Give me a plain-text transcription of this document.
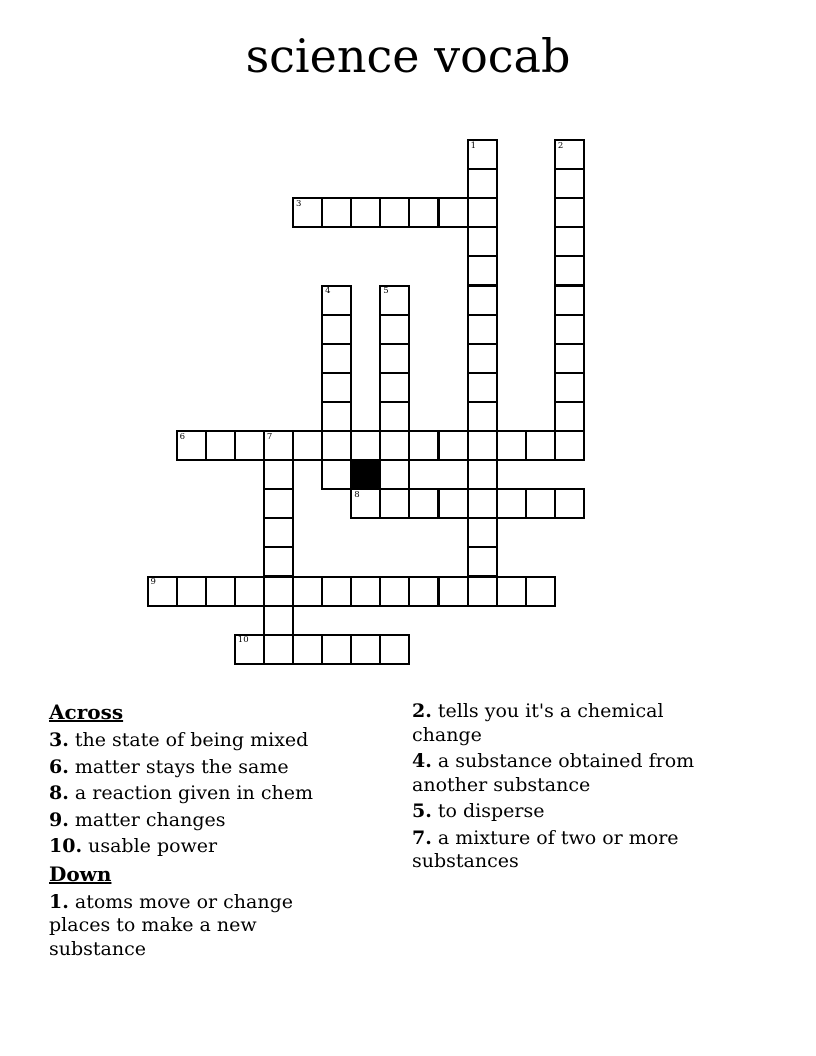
science vocab
1	2
3
4	5
6	7
8
9
10

Across

3. the state of being mixed

6. matter stays the same

8. a reaction given in chem

9. matter changes

10. usable power

Down

1. atoms move or change places to make a new substance

2. tells you it's a chemical change

4. a substance obtained from another substance

5. to disperse

7. a mixture of two or more substances
